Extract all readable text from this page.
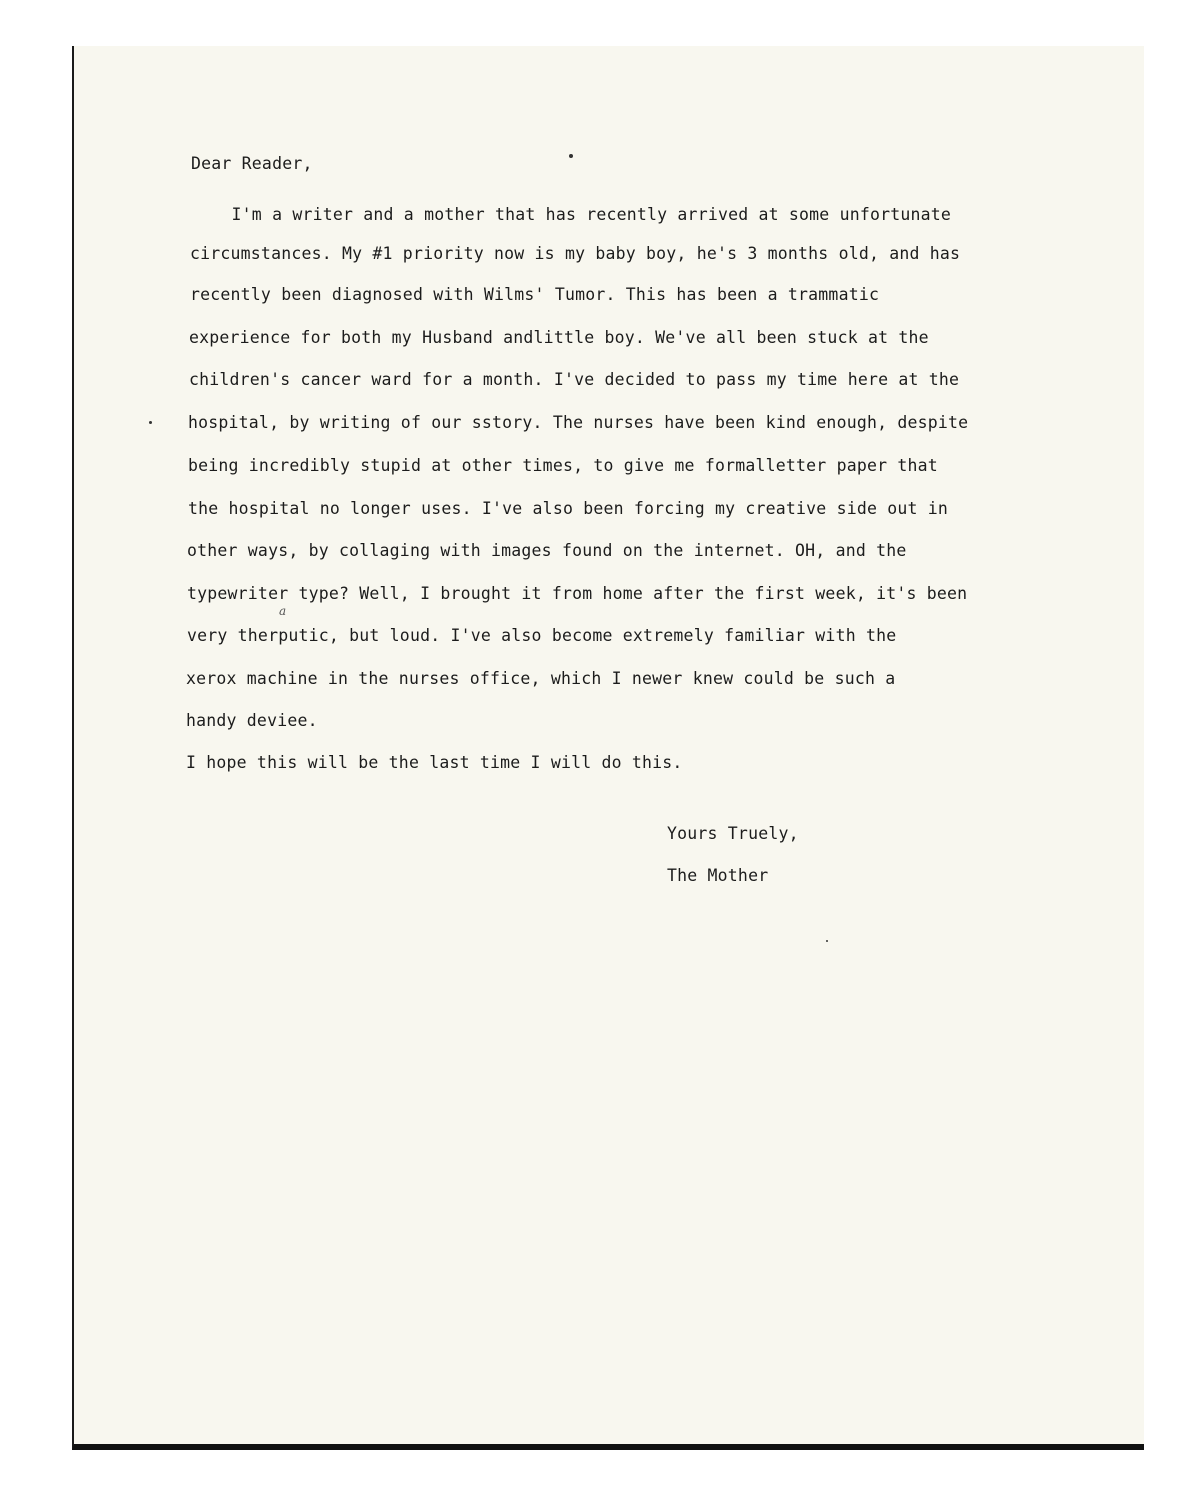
Dear Reader,
I'm a writer and a mother that has recently arrived at some unfortunate
circumstances. My #1 priority now is my baby boy, he's 3 months old, and has
recently been diagnosed with Wilms' Tumor. This has been a trammatic
experience for both my Husband andlittle boy. We've all been stuck at the
children's cancer ward for a month. I've decided to pass my time here at the
hospital, by writing of our sstory. The nurses have been kind enough, despite
being incredibly stupid at other times, to give me formalletter paper that
the hospital no longer uses. I've also been forcing my creative side out in
other ways, by collaging with images found on the internet. OH, and the
typewriter type? Well, I brought it from home after the first week, it's been
very therputic, but loud. I've also become extremely familiar with the
xerox machine in the nurses office, which I newer knew could be such a
handy deviee.
a
I hope this will be the last time I will do this.
Yours Truely,
The Mother
